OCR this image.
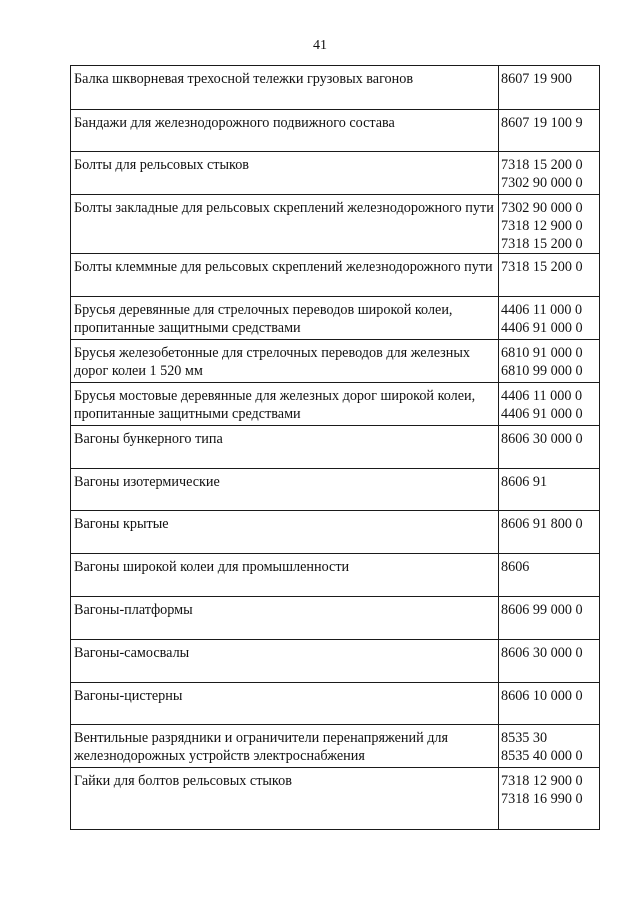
41
Балка шкворневая трехосной тележки грузовых вагонов	8607 19 900

Бандажи для железнодорожного подвижного состава	8607 19 100 9

Болты для рельсовых стыков	7318 15 200 0
7302 90 000 0

Болты закладные для рельсовых скреплений железнодорожного пути	7302 90 000 0
7318 12 900 0
7318 15 200 0

Болты клеммные для рельсовых скреплений железнодорожного пути	7318 15 200 0

Брусья деревянные для стрелочных переводов широкой колеи, пропитанные защитными средствами	4406 11 000 0
4406 91 000 0

Брусья железобетонные для стрелочных переводов для железных дорог колеи 1 520 мм	6810 91 000 0
6810 99 000 0

Брусья мостовые деревянные для железных дорог широкой колеи, пропитанные защитными средствами	4406 11 000 0
4406 91 000 0

Вагоны бункерного типа	8606 30 000 0

Вагоны изотермические	8606 91

Вагоны крытые	8606 91 800 0

Вагоны широкой колеи для промышленности	8606

Вагоны-платформы	8606 99 000 0

Вагоны-самосвалы	8606 30 000 0

Вагоны-цистерны	8606 10 000 0

Вентильные разрядники и ограничители перенапряжений для железнодорожных устройств электроснабжения	8535 30
8535 40 000 0

Гайки для болтов рельсовых стыков	7318 12 900 0
7318 16 990 0
